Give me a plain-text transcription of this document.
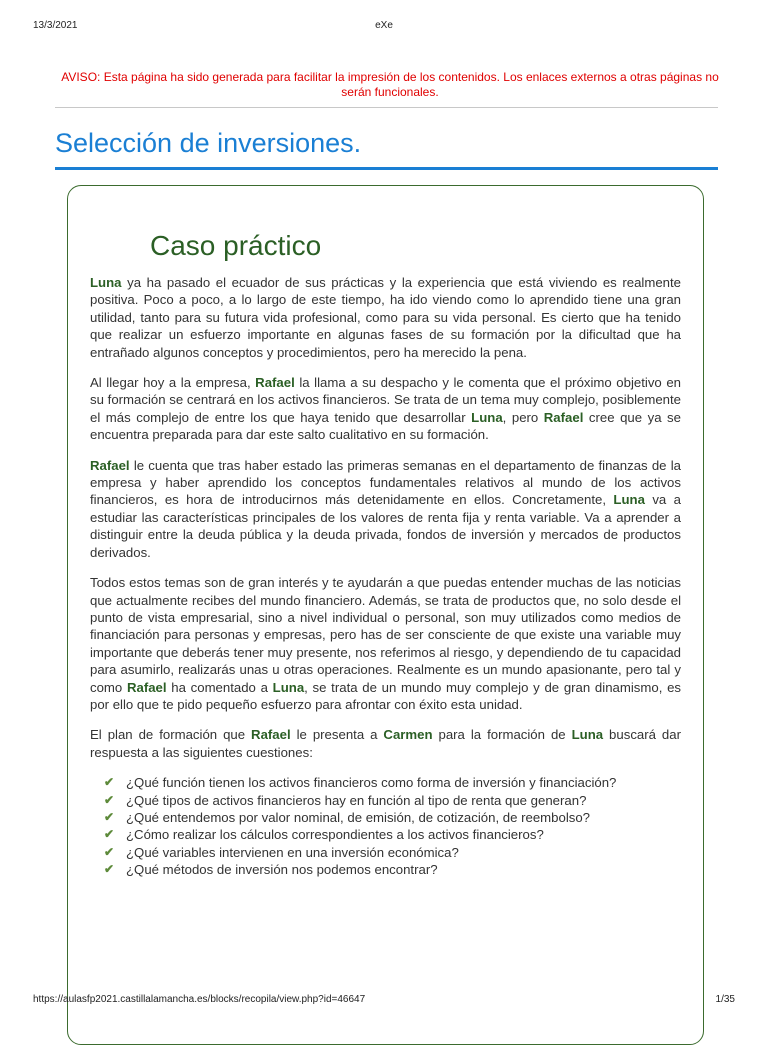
13/3/2021	eXe
AVISO: Esta página ha sido generada para facilitar la impresión de los contenidos. Los enlaces externos a otras páginas no serán funcionales.
Selección de inversiones.
Caso práctico

Luna ya ha pasado el ecuador de sus prácticas y la experiencia que está viviendo es realmente positiva. Poco a poco, a lo largo de este tiempo, ha ido viendo como lo aprendido tiene una gran utilidad, tanto para su futura vida profesional, como para su vida personal. Es cierto que ha tenido que realizar un esfuerzo importante en algunas fases de su formación por la dificultad que ha entrañado algunos conceptos y procedimientos, pero ha merecido la pena.

Al llegar hoy a la empresa, Rafael la llama a su despacho y le comenta que el próximo objetivo en su formación se centrará en los activos financieros. Se trata de un tema muy complejo, posiblemente el más complejo de entre los que haya tenido que desarrollar Luna, pero Rafael cree que ya se encuentra preparada para dar este salto cualitativo en su formación.

Rafael le cuenta que tras haber estado las primeras semanas en el departamento de finanzas de la empresa y haber aprendido los conceptos fundamentales relativos al mundo de los activos financieros, es hora de introducirnos más detenidamente en ellos. Concretamente, Luna va a estudiar las características principales de los valores de renta fija y renta variable. Va a aprender a distinguir entre la deuda pública y la deuda privada, fondos de inversión y mercados de productos derivados.

Todos estos temas son de gran interés y te ayudarán a que puedas entender muchas de las noticias que actualmente recibes del mundo financiero. Además, se trata de productos que, no solo desde el punto de vista empresarial, sino a nivel individual o personal, son muy utilizados como medios de financiación para personas y empresas, pero has de ser consciente de que existe una variable muy importante que deberás tener muy presente, nos referimos al riesgo, y dependiendo de tu capacidad para asumirlo, realizarás unas u otras operaciones. Realmente es un mundo apasionante, pero tal y como Rafael ha comentado a Luna, se trata de un mundo muy complejo y de gran dinamismo, es por ello que te pido pequeño esfuerzo para afrontar con éxito esta unidad.

El plan de formación que Rafael le presenta a Carmen para la formación de Luna buscará dar respuesta a las siguientes cuestiones:

✔ ¿Qué función tienen los activos financieros como forma de inversión y financiación?
✔ ¿Qué tipos de activos financieros hay en función al tipo de renta que generan?
✔ ¿Qué entendemos por valor nominal, de emisión, de cotización, de reembolso?
✔ ¿Cómo realizar los cálculos correspondientes a los activos financieros?
✔ ¿Qué variables intervienen en una inversión económica?
✔ ¿Qué métodos de inversión nos podemos encontrar?
https://aulasfp2021.castillalamancha.es/blocks/recopila/view.php?id=46647	1/35
